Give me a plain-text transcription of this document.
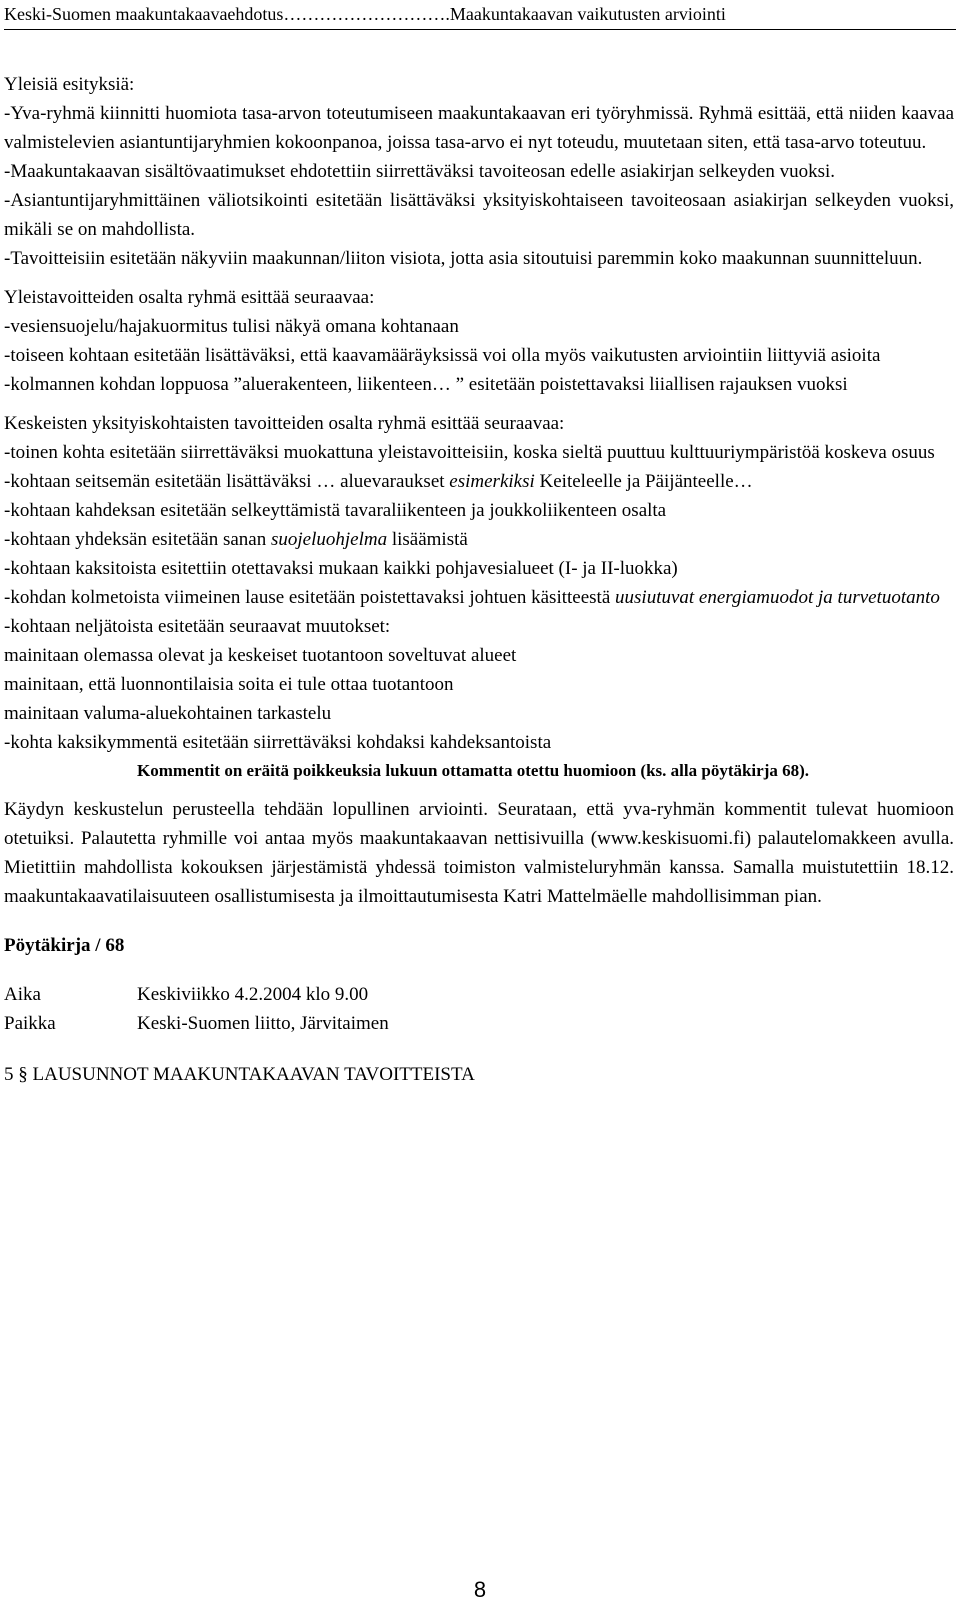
Keski-Suomen maakuntakaavaehdotus……………………….Maakuntakaavan vaikutusten arviointi

Yleisiä esityksiä:

-Yva-ryhmä kiinnitti huomiota tasa-arvon toteutumiseen maakuntakaavan eri työryhmissä. Ryhmä esittää, että niiden kaavaa valmistelevien asiantuntijaryhmien kokoonpanoa, joissa tasa-arvo ei nyt toteudu, muutetaan siten, että tasa-arvo toteutuu.

-Maakuntakaavan sisältövaatimukset ehdotettiin siirrettäväksi tavoiteosan edelle asiakirjan selkeyden vuoksi.

-Asiantuntijaryhmittäinen väliotsikointi esitetään lisättäväksi yksityiskohtaiseen tavoiteosaan asiakirjan selkeyden vuoksi, mikäli se on mahdollista.

-Tavoitteisiin esitetään näkyviin maakunnan/liiton visiota, jotta asia sitoutuisi paremmin koko maakunnan suunnitteluun.

Yleistavoitteiden osalta ryhmä esittää seuraavaa:

-vesiensuojelu/hajakuormitus tulisi näkyä omana kohtanaan

-toiseen kohtaan esitetään lisättäväksi, että kaavamääräyksissä voi olla myös vaikutusten arviointiin liittyviä asioita

-kolmannen kohdan loppuosa ”aluerakenteen, liikenteen… ” esitetään poistettavaksi liiallisen rajauksen vuoksi

Keskeisten yksityiskohtaisten tavoitteiden osalta ryhmä esittää seuraavaa:

-toinen kohta esitetään siirrettäväksi muokattuna yleistavoitteisiin, koska sieltä puuttuu kulttuuriympäristöä koskeva osuus

-kohtaan seitsemän esitetään lisättäväksi … aluevaraukset esimerkiksi Keiteleelle ja Päijänteelle…

-kohtaan kahdeksan esitetään selkeyttämistä tavaraliikenteen ja joukkoliikenteen osalta

-kohtaan yhdeksän esitetään sanan suojeluohjelma lisäämistä

-kohtaan kaksitoista esitettiin otettavaksi mukaan kaikki pohjavesialueet (I- ja II-luokka)

-kohdan kolmetoista viimeinen lause esitetään poistettavaksi johtuen käsitteestä uusiutuvat energiamuodot ja turvetuotanto

-kohtaan neljätoista esitetään seuraavat muutokset:

mainitaan olemassa olevat ja keskeiset tuotantoon soveltuvat alueet

mainitaan, että luonnontilaisia soita ei tule ottaa tuotantoon

mainitaan valuma-aluekohtainen tarkastelu

-kohta kaksikymmentä esitetään siirrettäväksi kohdaksi kahdeksantoista

Kommentit on eräitä poikkeuksia lukuun ottamatta otettu huomioon (ks. alla pöytäkirja 68).

Käydyn keskustelun perusteella tehdään lopullinen arviointi. Seurataan, että yva-ryhmän kommentit tulevat huomioon otetuiksi. Palautetta ryhmille voi antaa myös maakuntakaavan nettisivuilla (www.keskisuomi.fi) palautelomakkeen avulla. Mietittiin mahdollista kokouksen järjestämistä yhdessä toimiston valmisteluryhmän kanssa. Samalla muistutettiin 18.12. maakuntakaavatilaisuuteen osallistumisesta ja ilmoittautumisesta Katri Mattelmäelle mahdollisimman pian.

Pöytäkirja / 68

Aika	Keskiviikko 4.2.2004 klo 9.00
Paikka	Keski-Suomen liitto, Järvitaimen

5 § LAUSUNNOT MAAKUNTAKAAVAN TAVOITTEISTA

8
